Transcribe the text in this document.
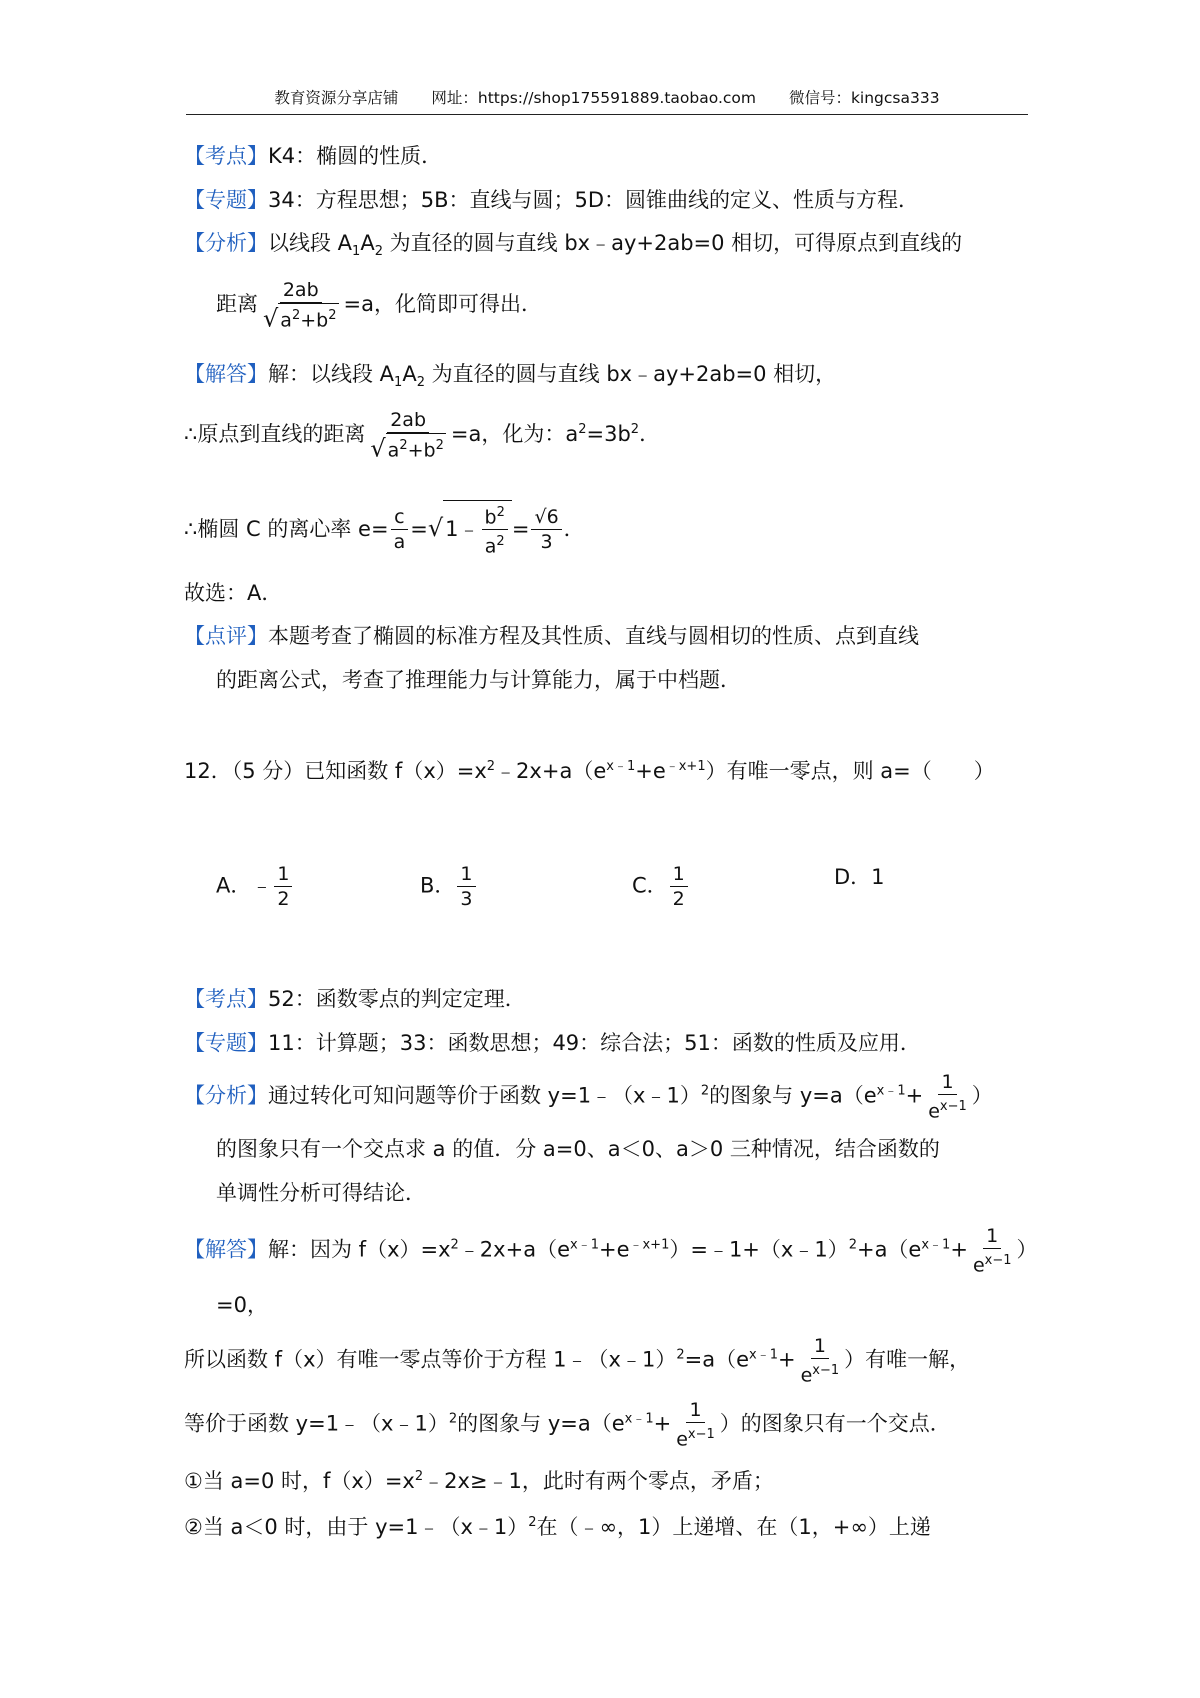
教育资源分享店铺 网址：https://shop175591889.taobao.com 微信号：kingcsa333
【考点】K4：椭圆的性质．
【专题】34：方程思想；5B：直线与圆；5D：圆锥曲线的定义、性质与方程．
【分析】以线段 $A_1A_2$ 为直径的圆与直线 bx﹣ay+2ab=0 相切，可得原点到直线的
距离 $\frac{2ab}{√ a^2+b^2} =a$，化简即可得出．
【解答】解：以线段 $A_1A_2$ 为直径的圆与直线 bx﹣ay+2ab=0 相切，
∴原点到直线的距离 $\frac{2ab}{√ a^2+b^2} =a$，化为：$a^2=3b^2$．
∴椭圆 C 的离心率 $e= \frac{c}{a}$ =√1﹣ $\frac{b^2}{a^2} = \frac{√6}{3}$ ．
故选：A．
【点评】本题考查了椭圆的标准方程及其性质、直线与圆相切的性质、点到直线
的距离公式，考查了推理能力与计算能力，属于中档题．
12．（5 分）已知函数 $f(x)=x^2﹣2x+a(e^{x﹣1}+e^{﹣x+1})$有唯一零点，则 a=（　　）
A．﹣ $\frac{1}{2}$	B． $\frac{1}{3}$	C． $\frac{1}{2}$	D．1
【考点】52：函数零点的判定定理．
【专题】11：计算题；33：函数思想；49：综合法；51：函数的性质及应用．
【分析】通过转化可知问题等价于函数 y=1﹣（x﹣1）$^2$的图象与 $y=a(e^{x﹣1}+ \frac{1}{e^{x-1}}$ ）
的图象只有一个交点求 a 的值．分 a=0、a＜0、a＞0 三种情况，结合函数的
单调性分析可得结论．
【解答】解：因为 $f(x)=x^2﹣2x+a(e^{x﹣1}+e^{﹣x+1})=﹣1+(x﹣1)^2+a(e^{x﹣1}+ \frac{1}{e^{x-1}}$ ）
=0，
所以函数 f（x）有唯一零点等价于方程 $1﹣(x﹣1)^2=a(e^{x﹣1}+ \frac{1}{e^{x-1}}$ ）有唯一解，
等价于函数 y=1﹣（x﹣1）$^2$的图象与 $y=a(e^{x﹣1}+ \frac{1}{e^{x-1}}$ ）的图象只有一个交点．
①当 a=0 时，$f(x)=x^2﹣2x\ge﹣1$，此时有两个零点，矛盾；
②当 a＜0 时，由于 y=1﹣（x﹣1）$^2$在（﹣∞，1）上递增、在（1，+∞）上递
